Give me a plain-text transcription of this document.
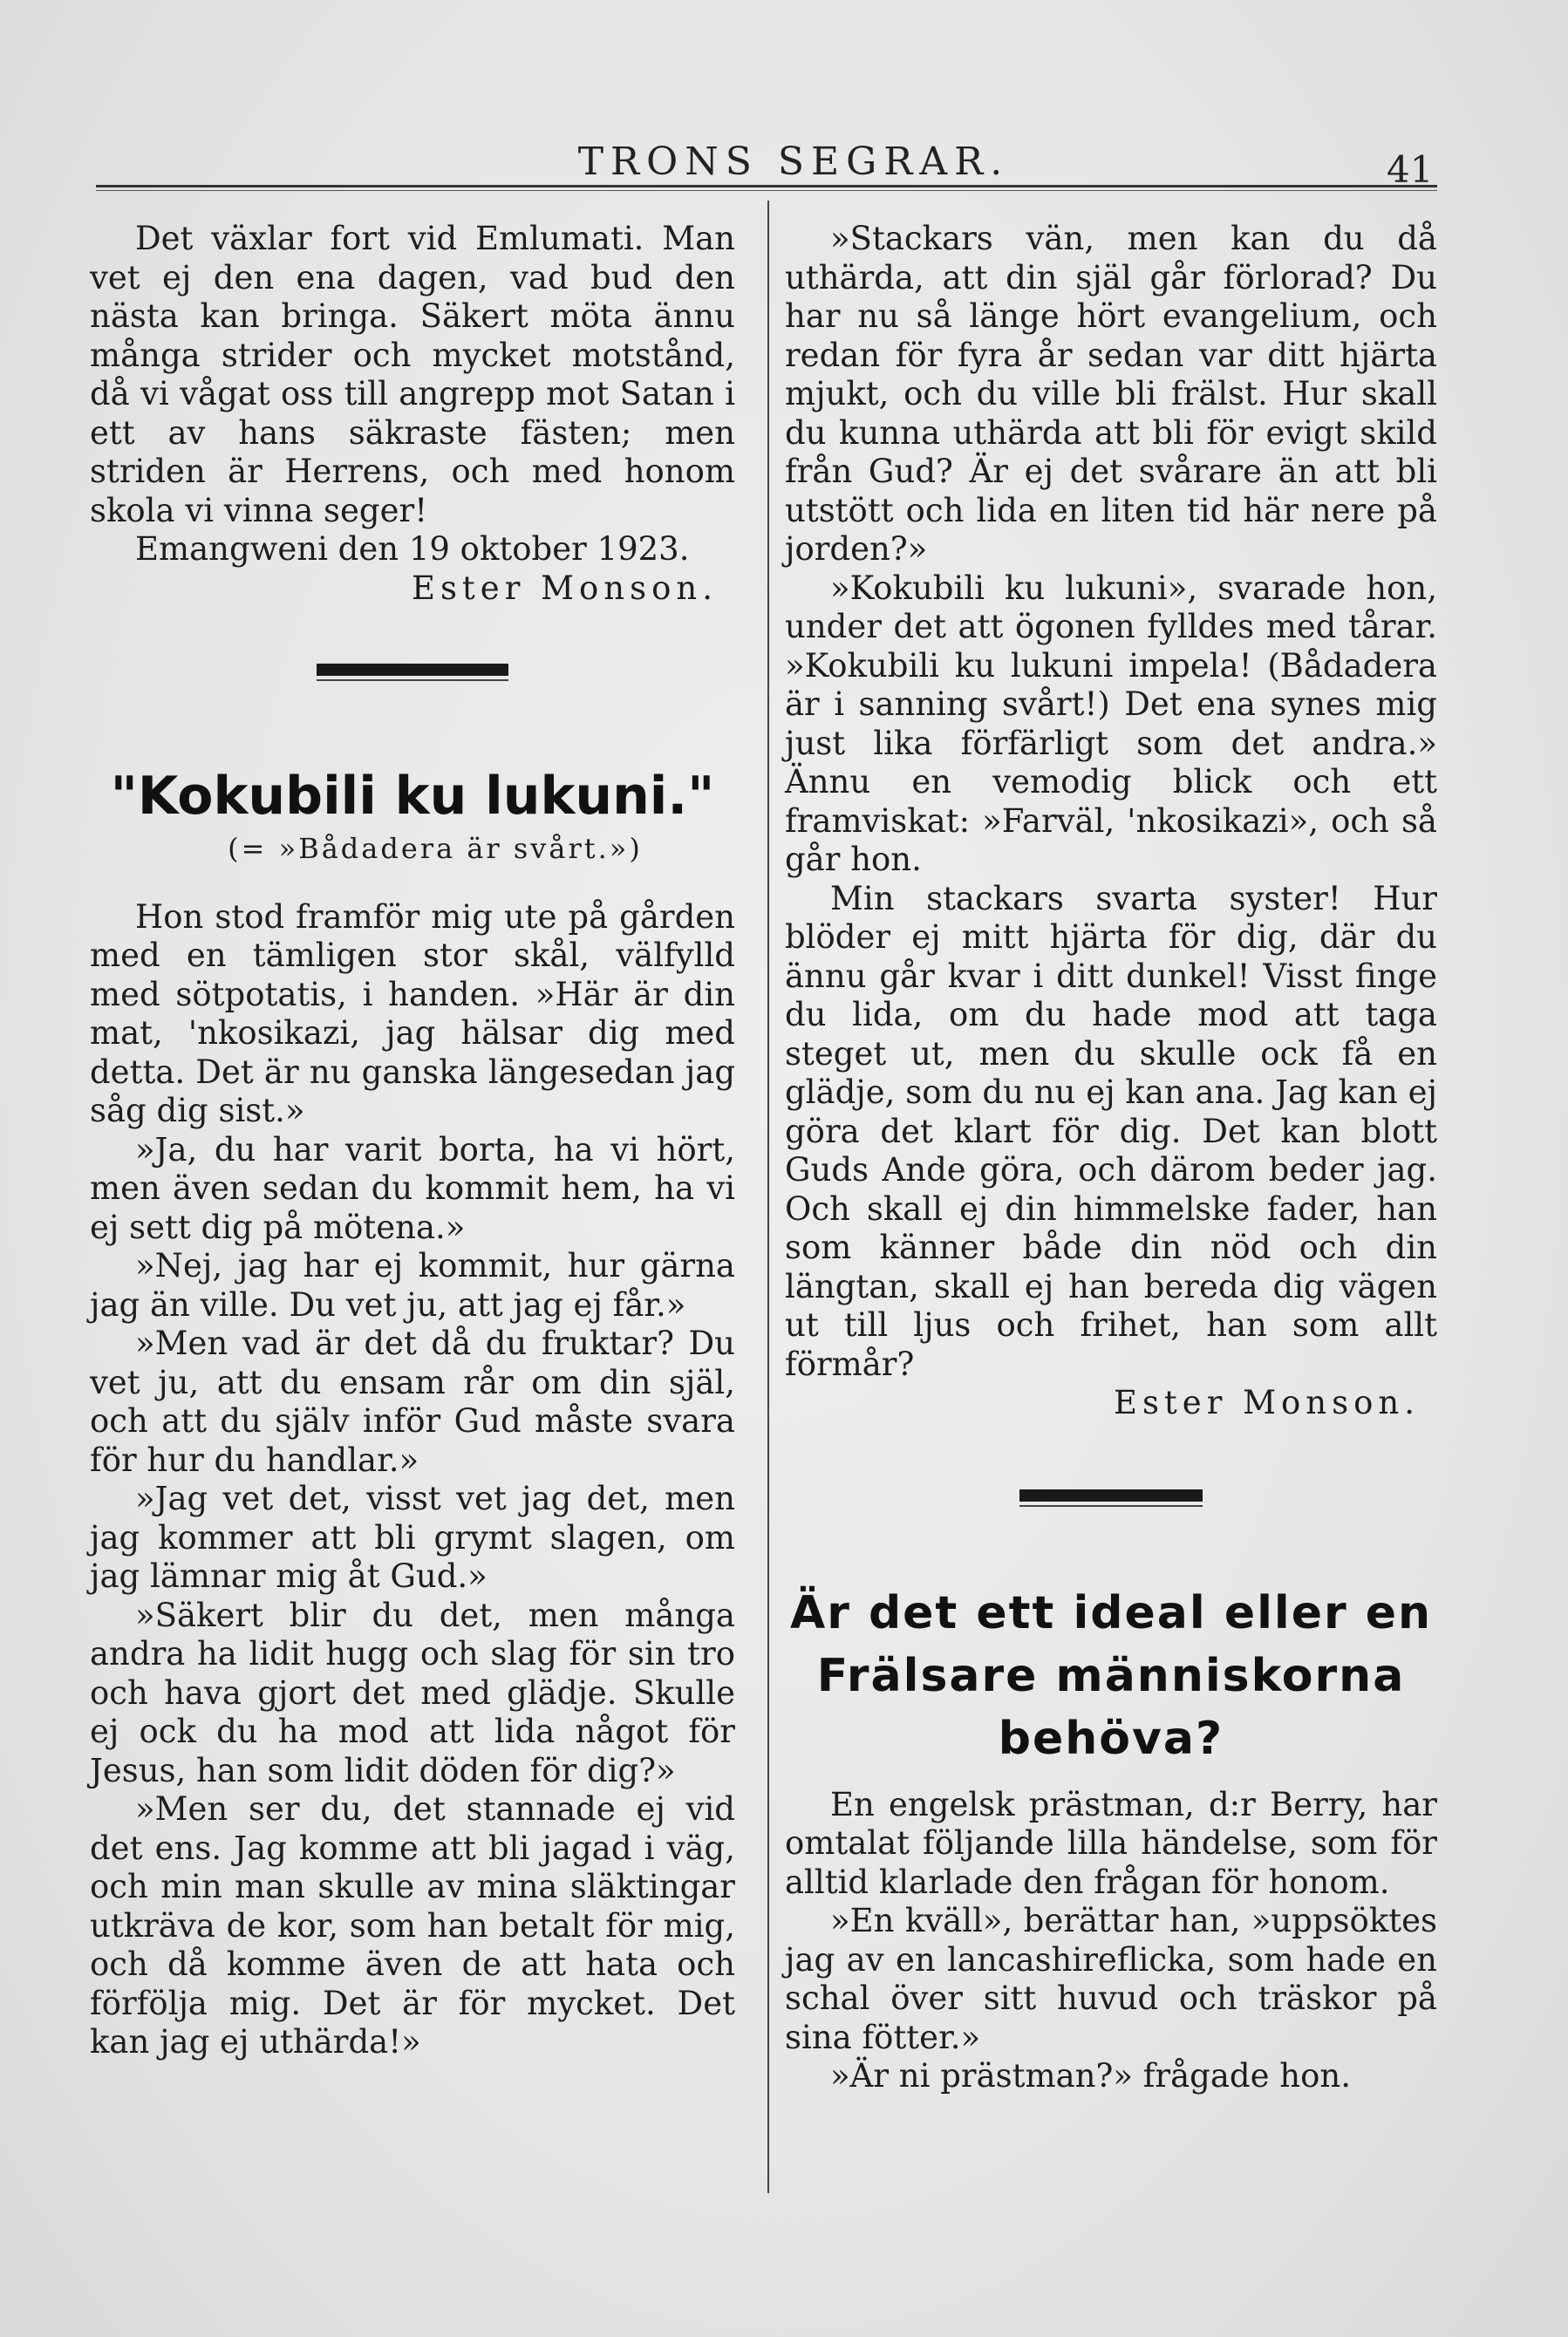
TRONS SEGRAR.	41

Det växlar fort vid Emlumati. Man vet ej den ena dagen, vad bud den nästa kan bringa. Säkert möta ännu många strider och mycket motstånd, då vi vågat oss till angrepp mot Satan i ett av hans säkraste fästen; men striden är Herrens, och med honom skola vi vinna seger!

Emangweni den 19 oktober 1923.

Ester Monson.

"Kokubili ku lukuni."

(= »Bådadera är svårt.»)

Hon stod framför mig ute på gården med en tämligen stor skål, välfylld med sötpotatis, i handen. »Här är din mat, 'nkosikazi, jag hälsar dig med detta. Det är nu ganska längesedan jag såg dig sist.»

»Ja, du har varit borta, ha vi hört, men även sedan du kommit hem, ha vi ej sett dig på mötena.»

»Nej, jag har ej kommit, hur gärna jag än ville. Du vet ju, att jag ej får.»

»Men vad är det då du fruktar? Du vet ju, att du ensam rår om din själ, och att du själv inför Gud måste svara för hur du handlar.»

»Jag vet det, visst vet jag det, men jag kommer att bli grymt slagen, om jag lämnar mig åt Gud.»

»Säkert blir du det, men många andra ha lidit hugg och slag för sin tro och hava gjort det med glädje. Skulle ej ock du ha mod att lida något för Jesus, han som lidit döden för dig?»

»Men ser du, det stannade ej vid det ens. Jag komme att bli jagad i väg, och min man skulle av mina släktingar utkräva de kor, som han betalt för mig, och då komme även de att hata och förfölja mig. Det är för mycket. Det kan jag ej uthärda!»

»Stackars vän, men kan du då uthärda, att din själ går förlorad? Du har nu så länge hört evangelium, och redan för fyra år sedan var ditt hjärta mjukt, och du ville bli frälst. Hur skall du kunna uthärda att bli för evigt skild från Gud? Är ej det svårare än att bli utstött och lida en liten tid här nere på jorden?»

»Kokubili ku lukuni», svarade hon, under det att ögonen fylldes med tårar. »Kokubili ku lukuni impela! (Bådadera är i sanning svårt!) Det ena synes mig just lika förfärligt som det andra.» Ännu en vemodig blick och ett framviskat: »Farväl, 'nkosikazi», och så går hon.

Min stackars svarta syster! Hur blöder ej mitt hjärta för dig, där du ännu går kvar i ditt dunkel! Visst finge du lida, om du hade mod att taga steget ut, men du skulle ock få en glädje, som du nu ej kan ana. Jag kan ej göra det klart för dig. Det kan blott Guds Ande göra, och därom beder jag. Och skall ej din himmelske fader, han som känner både din nöd och din längtan, skall ej han bereda dig vägen ut till ljus och frihet, han som allt förmår?

Ester Monson.

Är det ett ideal eller en
Frälsare människorna
behöva?

En engelsk prästman, d:r Berry, har omtalat följande lilla händelse, som för alltid klarlade den frågan för honom.

»En kväll», berättar han, »uppsöktes jag av en lancashireflicka, som hade en schal över sitt huvud och träskor på sina fötter.»

»Är ni prästman?» frågade hon.
